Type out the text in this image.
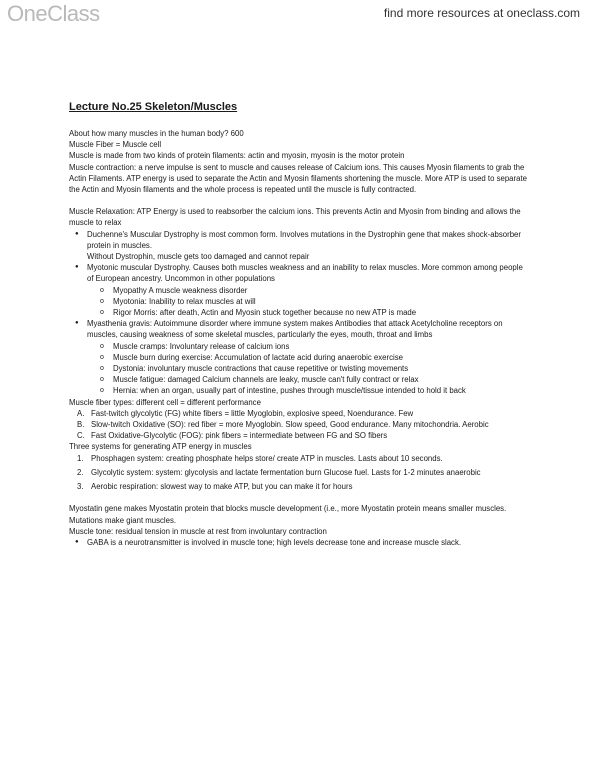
OneClass	find more resources at oneclass.com
Lecture No.25 Skeleton/Muscles

About how many muscles in the human body? 600

Muscle Fiber = Muscle cell

Muscle is made from two kinds of protein filaments: actin and myosin, myosin is the motor protein

Muscle contraction: a nerve impulse is sent to muscle and causes release of Calcium ions. This causes Myosin filaments to grab the Actin Filaments. ATP energy is used to separate the Actin and Myosin filaments shortening the muscle. More ATP is used to separate the Actin and Myosin filaments and the whole process is repeated until the muscle is fully contracted.

Muscle Relaxation: ATP Energy is used to reabsorber the calcium ions. This prevents Actin and Myosin from binding and allows the muscle to relax

● Duchenne's Muscular Dystrophy is most common form. Involves mutations in the Dystrophin gene that makes shock-absorber protein in muscles.
Without Dystrophin, muscle gets too damaged and cannot repair
● Myotonic muscular Dystrophy. Causes both muscles weakness and an inability to relax muscles. More common among people of European ancestry. Uncommon in other populations
o Myopathy A muscle weakness disorder
o Myotonia: Inability to relax muscles at will
o Rigor Morris: after death, Actin and Myosin stuck together because no new ATP is made
● Myasthenia gravis: Autoimmune disorder where immune system makes Antibodies that attack Acetylcholine receptors on muscles, causing weakness of some skeletal muscles, particularly the eyes, mouth, throat and limbs
o Muscle cramps: Involuntary release of calcium ions
o Muscle burn during exercise: Accumulation of lactate acid during anaerobic exercise
o Dystonia: involuntary muscle contractions that cause repetitive or twisting movements
o Muscle fatigue: damaged Calcium channels are leaky, muscle can't fully contract or relax
o Hernia: when an organ, usually part of intestine, pushes through muscle/tissue intended to hold it back

Muscle fiber types: different cell = different performance

A. Fast-twitch glycolytic (FG) white fibers = little Myoglobin, explosive speed, Noendurance. Few
B. Slow-twitch Oxidative (SO): red fiber = more Myoglobin. Slow speed, Good endurance. Many mitochondria. Aerobic
C. Fast Oxidative-Glycolytic (FOG): pink fibers = intermediate between FG and SO fibers

Three systems for generating ATP energy in muscles

1. Phosphagen system: creating phosphate helps store/ create ATP in muscles. Lasts about 10 seconds.
2. Glycolytic system: system: glycolysis and lactate fermentation burn Glucose fuel. Lasts for 1-2 minutes anaerobic
3. Aerobic respiration: slowest way to make ATP, but you can make it for hours

Myostatin gene makes Myostatin protein that blocks muscle development (i.e., more Myostatin protein means smaller muscles. Mutations make giant muscles.

Muscle tone: residual tension in muscle at rest from involuntary contraction

● GABA is a neurotransmitter is involved in muscle tone; high levels decrease tone and increase muscle slack.
